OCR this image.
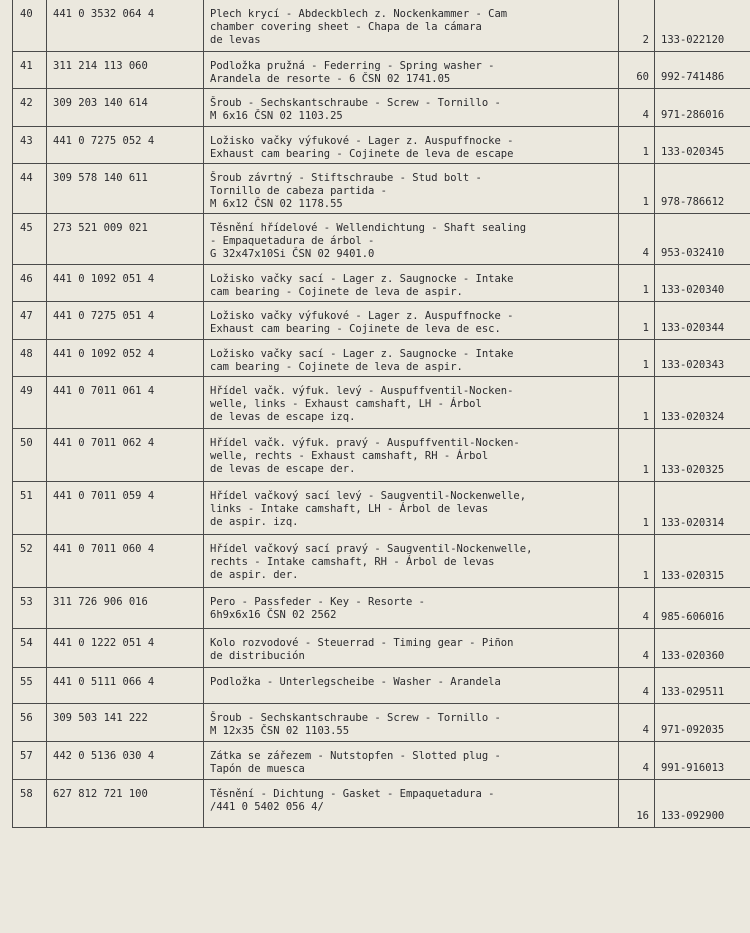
40	441 0 3532 064 4	Plech krycí - Abdeckblech z. Nockenkammer - Cam
chamber covering sheet - Chapa de la cámara
de levas	2	133-022120
41	311 214 113 060	Podložka pružná - Federring - Spring washer -
Arandela de resorte - 6 ČSN 02 1741.05	60	992-741486
42	309 203 140 614	Šroub - Sechskantschraube - Screw - Tornillo -
M 6x16 ČSN 02 1103.25	4	971-286016
43	441 0 7275 052 4	Ložisko vačky výfukové - Lager z. Auspuffnocke -
Exhaust cam bearing - Cojinete de leva de escape	1	133-020345
44	309 578 140 611	Šroub závrtný - Stiftschraube - Stud bolt -
Tornillo de cabeza partida -
M 6x12 ČSN 02 1178.55	1	978-786612
45	273 521 009 021	Těsnění hřídelové - Wellendichtung - Shaft sealing
- Empaquetadura de árbol -
G 32x47x10Si ČSN 02 9401.0	4	953-032410
46	441 0 1092 051 4	Ložisko vačky sací - Lager z. Saugnocke - Intake
cam bearing - Cojinete de leva de aspir.	1	133-020340
47	441 0 7275 051 4	Ložisko vačky výfukové - Lager z. Auspuffnocke -
Exhaust cam bearing - Cojinete de leva de esc.	1	133-020344
48	441 0 1092 052 4	Ložisko vačky sací - Lager z. Saugnocke - Intake
cam bearing - Cojinete de leva de aspir.	1	133-020343
49	441 0 7011 061 4	Hřídel vačk. výfuk. levý - Auspuffventil-Nocken-
welle, links - Exhaust camshaft, LH - Árbol
de levas de escape izq.	1	133-020324
50	441 0 7011 062 4	Hřídel vačk. výfuk. pravý - Auspuffventil-Nocken-
welle, rechts - Exhaust camshaft, RH - Árbol
de levas de escape der.	1	133-020325
51	441 0 7011 059 4	Hřídel vačkový sací levý - Saugventil-Nockenwelle,
links - Intake camshaft, LH - Árbol de levas
de aspir. izq.	1	133-020314
52	441 0 7011 060 4	Hřídel vačkový sací pravý - Saugventil-Nockenwelle,
rechts - Intake camshaft, RH - Árbol de levas
de aspir. der.	1	133-020315
53	311 726 906 016	Pero - Passfeder - Key - Resorte -
6h9x6x16 ČSN 02 2562	4	985-606016
54	441 0 1222 051 4	Kolo rozvodové - Steuerrad - Timing gear - Piñon
de distribución	4	133-020360
55	441 0 5111 066 4	Podložka - Unterlegscheibe - Washer - Arandela	4	133-029511
56	309 503 141 222	Šroub - Sechskantschraube - Screw - Tornillo -
M 12x35 ČSN 02 1103.55	4	971-092035
57	442 0 5136 030 4	Zátka se zářezem - Nutstopfen - Slotted plug -
Tapón de muesca	4	991-916013
58	627 812 721 100	Těsnění - Dichtung - Gasket - Empaquetadura -
/441 0 5402 056 4/	16	133-092900
